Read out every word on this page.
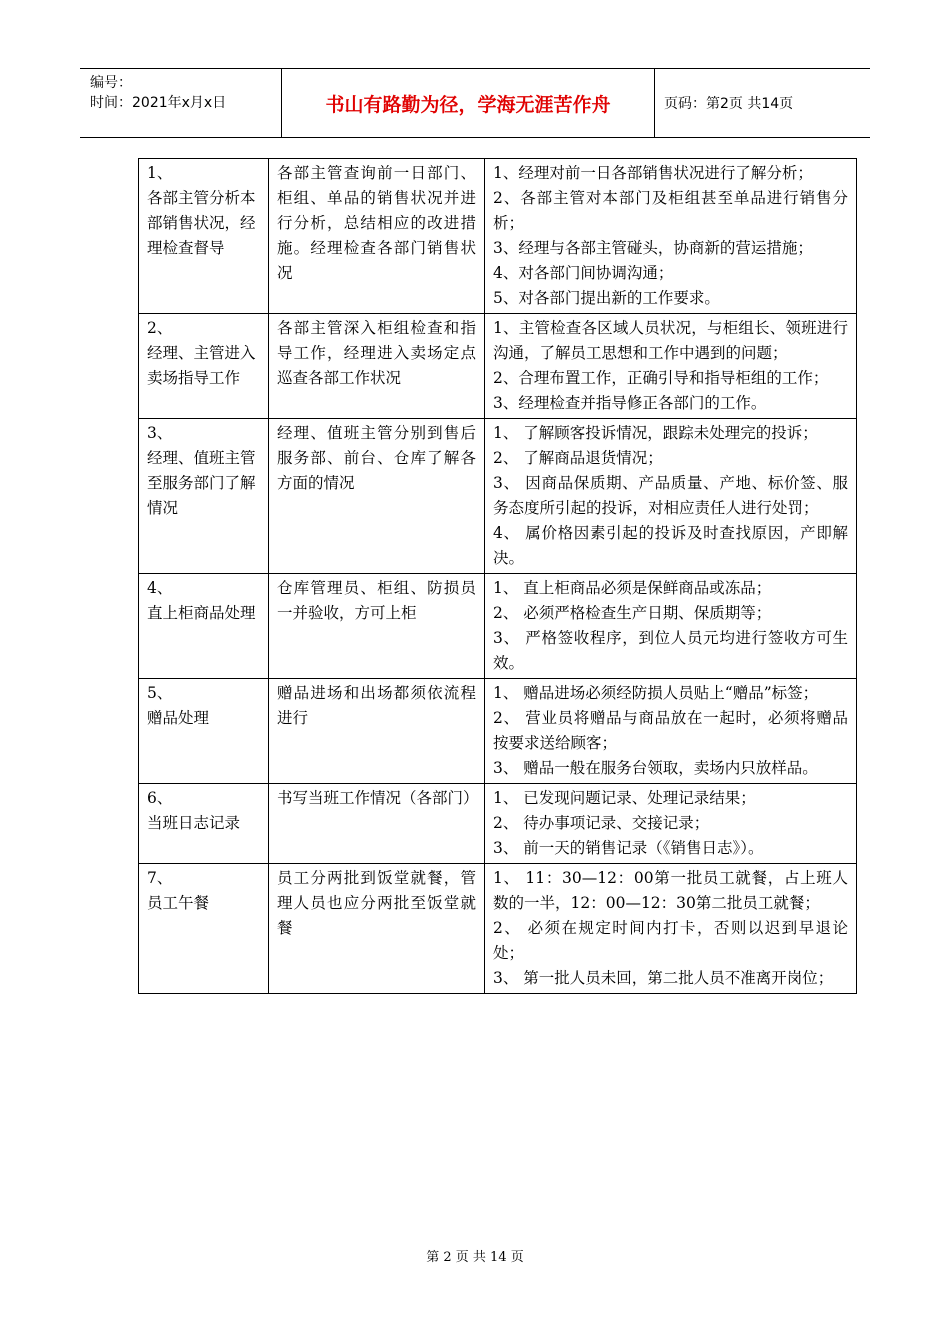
编号：
时间：2021年x月x日	书山有路勤为径，学海无涯苦作舟	页码：第2页 共14页
1、
各部主管分析本部销售状况，经理检查督导	各部主管查询前一日部门、柜组、单品的销售状况并进行分析，总结相应的改进措施。经理检查各部门销售状况	1、经理对前一日各部销售状况进行了解分析；
2、各部主管对本部门及柜组甚至单品进行销售分析；
3、经理与各部主管碰头，协商新的营运措施；
4、对各部门间协调沟通；
5、对各部门提出新的工作要求。

2、
经理、主管进入卖场指导工作	各部主管深入柜组检查和指导工作，经理进入卖场定点巡查各部工作状况	1、主管检查各区域人员状况，与柜组长、领班进行沟通，了解员工思想和工作中遇到的问题；
2、合理布置工作，正确引导和指导柜组的工作；
3、经理检查并指导修正各部门的工作。

3、
经理、值班主管至服务部门了解情况	经理、值班主管分别到售后服务部、前台、仓库了解各方面的情况	1、 了解顾客投诉情况，跟踪未处理完的投诉；
2、 了解商品退货情况；
3、 因商品保质期、产品质量、产地、标价签、服务态度所引起的投诉，对相应责任人进行处罚；
4、 属价格因素引起的投诉及时查找原因，产即解决。

4、
直上柜商品处理	仓库管理员、柜组、防损员一并验收，方可上柜	1、 直上柜商品必须是保鲜商品或冻品；
2、 必须严格检查生产日期、保质期等；
3、 严格签收程序，到位人员元均进行签收方可生效。

5、
赠品处理	赠品进场和出场都须依流程进行	1、 赠品进场必须经防损人员贴上“赠品”标签；
2、 营业员将赠品与商品放在一起时，必须将赠品按要求送给顾客；
3、 赠品一般在服务台领取，卖场内只放样品。

6、
当班日志记录	书写当班工作情况（各部门）	1、 已发现问题记录、处理记录结果；
2、 待办事项记录、交接记录；
3、 前一天的销售记录（《销售日志》）。

7、
员工午餐	员工分两批到饭堂就餐，管理人员也应分两批至饭堂就餐	1、 11：30—12：00第一批员工就餐，占上班人数的一半，12：00—12：30第二批员工就餐；
2、 必须在规定时间内打卡，否则以迟到早退论处；
3、 第一批人员未回，第二批人员不准离开岗位；
第 2 页 共 14 页
